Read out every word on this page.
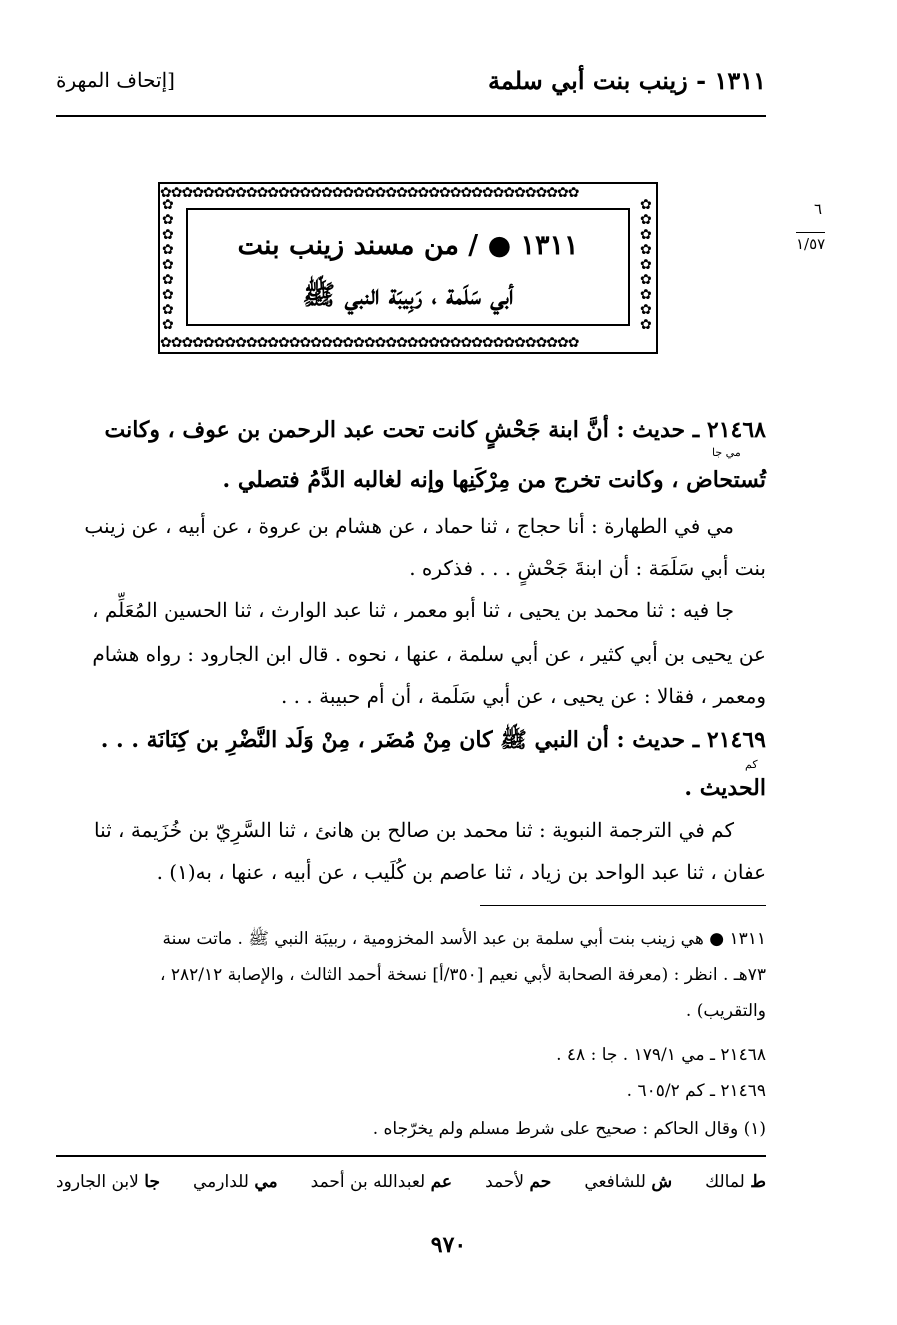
١٣١١ - زينب بنت أبي سلمة
[إتحاف المهرة
٦
١/٥٧
✿✿✿✿✿✿✿✿✿✿✿✿✿✿✿✿✿✿✿✿✿✿✿✿✿✿✿✿✿✿✿✿✿✿✿✿✿✿✿
✿✿✿✿✿✿✿✿✿✿✿✿✿✿✿✿✿✿✿✿✿✿✿✿✿✿✿✿✿✿✿✿✿✿✿✿✿✿✿
✿
✿
✿
✿
✿
✿
✿
✿
✿
✿
✿
✿
✿
✿
✿
✿
✿
✿
١٣١١ ● / من مسند زينب بنت
أبي سَلَمة ، رَبِيبَة النبي ﷺ
٢١٤٦٨ ـ حديث : أنَّ ابنة جَحْشٍ كانت تحت عبد الرحمن بن عوف ، وكانت
تُستحاض ، وكانت تخرج من مِرْكَنِها وإنه لغالبه الدَّمُ فتصلي .
مي في الطهارة : أنا حجاج ، ثنا حماد ، عن هشام بن عروة ، عن أبيه ، عن زينب
بنت أبي سَلَمَة : أن ابنةَ جَحْشٍ . . . فذكره .
جا فيه : ثنا محمد بن يحيى ، ثنا أبو معمر ، ثنا عبد الوارث ، ثنا الحسين المُعَلِّم ،
عن يحيى بن أبي كثير ، عن أبي سلمة ، عنها ، نحوه . قال ابن الجارود : رواه هشام
ومعمر ، فقالا : عن يحيى ، عن أبي سَلَمة ، أن أم حبيبة . . .
٢١٤٦٩ ـ حديث : أن النبي ﷺ كان مِنْ مُضَر ، مِنْ وَلَد النَّضْرِ بن كِنَانَة . . .
الحديث .
كم في الترجمة النبوية : ثنا محمد بن صالح بن هانئ ، ثنا السَّرِيّ بن خُزَيمة ، ثنا
عفان ، ثنا عبد الواحد بن زياد ، ثنا عاصم بن كُلَيب ، عن أبيه ، عنها ، به(١) .
مي جا
كم
١٣١١ ● هي زينب بنت أبي سلمة بن عبد الأسد المخزومية ، ربيبَة النبي ﷺ . ماتت سنة
٧٣هـ . انظر : (معرفة الصحابة لأبي نعيم [٣٥٠/أ] نسخة أحمد الثالث ، والإصابة ٢٨٢/١٢ ،
والتقريب) .
٢١٤٦٨ ـ مي ١٧٩/١ . جا : ٤٨ .
٢١٤٦٩ ـ كم ٦٠٥/٢ .
(١) وقال الحاكم : صحيح على شرط مسلم ولم يخرّجاه .
ط لمالك
ش للشافعي
حم لأحمد
عم لعبدالله بن أحمد
مي للدارمي
جا لابن الجارود
٩٧٠
